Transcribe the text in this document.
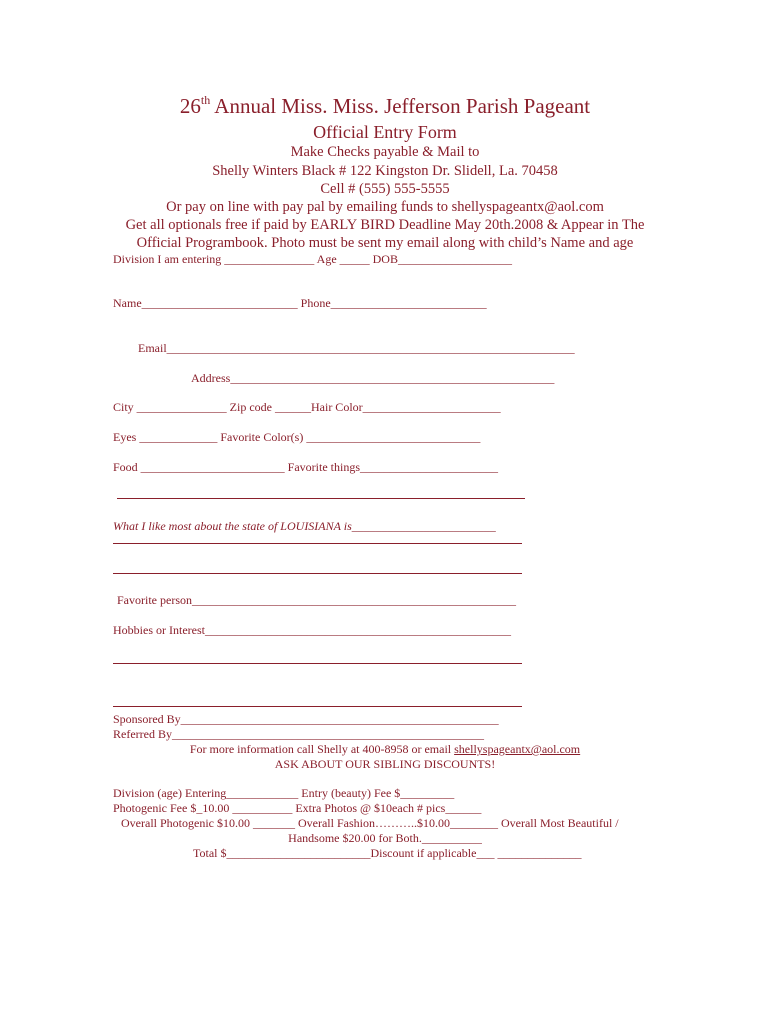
26th Annual Miss. Miss. Jefferson Parish Pageant
Official Entry Form
Make Checks payable & Mail to
Shelly Winters Black # 122 Kingston Dr. Slidell, La. 70458
Cell # (555) 555-5555
Or pay on line with pay pal by emailing funds to shellyspageantx@aol.com
Get all optionals free if paid by EARLY BIRD Deadline May 20th.2008 & Appear in The
Official Programbook. Photo must be sent my email along with child’s Name and age
Division I am entering _______________ Age _____ DOB___________________
Name__________________________ Phone__________________________
Email____________________________________________________________________
Address______________________________________________________
City _______________ Zip code ______Hair Color_______________________
Eyes _____________ Favorite Color(s) _____________________________
Food ________________________ Favorite things_______________________
What I like most about the state of LOUISIANA is________________________
Favorite person______________________________________________________
Hobbies or Interest___________________________________________________
Sponsored By_____________________________________________________
Referred By____________________________________________________
For more information call Shelly at 400-8958 or email shellyspageantx@aol.com
ASK ABOUT OUR SIBLING DISCOUNTS!
Division (age) Entering____________ Entry (beauty) Fee $_________
Photogenic Fee $_10.00 __________ Extra Photos @ $10each # pics______
Overall Photogenic $10.00 _______ Overall Fashion………..$10.00________ Overall Most Beautiful /
Handsome $20.00 for Both.__________
Total $________________________Discount if applicable___ ______________
